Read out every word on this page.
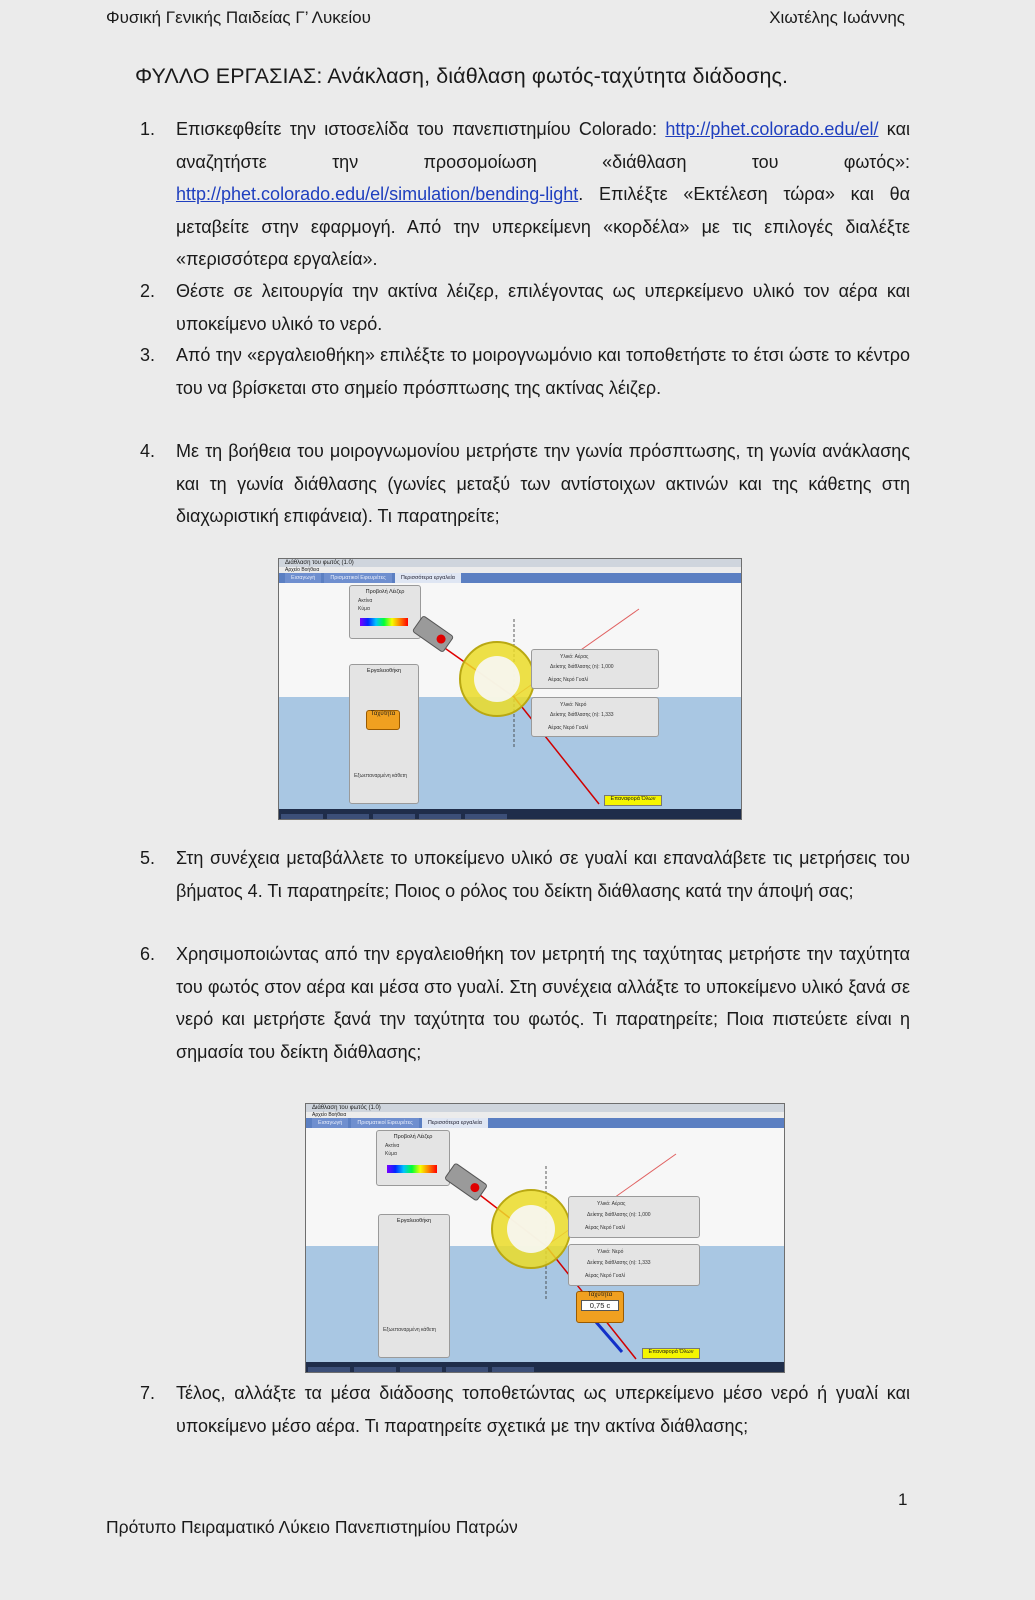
Φυσική Γενικής Παιδείας Γ’ Λυκείου	Χιωτέλης Ιωάννης
ΦΥΛΛΟ ΕΡΓΑΣΙΑΣ: Ανάκλαση, διάθλαση φωτός-ταχύτητα διάδοσης.
1.	Επισκεφθείτε την ιστοσελίδα του πανεπιστημίου Colorado: http://phet.colorado.edu/el/ και αναζητήστε την προσομοίωση «διάθλαση του φωτός»: http://phet.colorado.edu/el/simulation/bending-light. Επιλέξτε «Εκτέλεση τώρα» και θα μεταβείτε στην εφαρμογή. Από την υπερκείμενη «κορδέλα» με τις επιλογές διαλέξτε «περισσότερα εργαλεία».
2.	Θέστε σε λειτουργία την ακτίνα λέιζερ, επιλέγοντας ως υπερκείμενο υλικό τον αέρα και υποκείμενο υλικό το νερό.
3.	Από την «εργαλειοθήκη» επιλέξτε το μοιρογνωμόνιο και τοποθετήστε το έτσι ώστε το κέντρο του να βρίσκεται στο σημείο πρόσπτωσης της ακτίνας λέιζερ.
4.	Με τη βοήθεια του μοιρογνωμονίου μετρήστε την γωνία πρόσπτωσης, τη γωνία ανάκλασης και τη γωνία διάθλασης (γωνίες μεταξύ των αντίστοιχων ακτινών και της κάθετης στη διαχωριστική επιφάνεια). Τι παρατηρείτε;
Διάθλαση του φωτός (1.0)
Αρχείο Βοήθεια
Εισαγωγή	Πρισματικοί Εφευρέτες	Περισσότερα εργαλεία
Προβολή Λέιζερ
Ακτίνα
Κύμα
Εργαλειοθήκη
Ταχύτητα
Εξωεπαναρμένη κάθετη
Υλικό: Αέρας
Δείκτης διάθλασης (n): 1,000
Αέρας Νερό Γυαλί
Υλικό: Νερό
Δείκτης διάθλασης (n): 1,333
Αέρας Νερό Γυαλί
Επαναφορά Όλων
5.	Στη συνέχεια μεταβάλλετε το υποκείμενο υλικό σε γυαλί και επαναλάβετε τις μετρήσεις του βήματος 4. Τι παρατηρείτε; Ποιος ο ρόλος του δείκτη διάθλασης κατά την άποψή σας;
6.	Χρησιμοποιώντας από την εργαλειοθήκη τον μετρητή της ταχύτητας μετρήστε την ταχύτητα του φωτός στον αέρα και μέσα στο γυαλί. Στη συνέχεια αλλάξτε το υποκείμενο υλικό ξανά σε νερό και μετρήστε ξανά την ταχύτητα του φωτός. Τι παρατηρείτε; Ποια πιστεύετε είναι η σημασία του δείκτη διάθλασης;
Διάθλαση του φωτός (1.0)
Αρχείο Βοήθεια
Εισαγωγή	Πρισματικοί Εφευρέτες	Περισσότερα εργαλεία
Προβολή Λέιζερ
Ακτίνα
Κύμα
Εργαλειοθήκη
Εξωεπαναρμένη κάθετη
Υλικό: Αέρας
Δείκτης διάθλασης (n): 1,000
Αέρας Νερό Γυαλί
Υλικό: Νερό
Δείκτης διάθλασης (n): 1,333
Αέρας Νερό Γυαλί
Ταχύτητα
0,75 c
Επαναφορά Όλων
7.	Τέλος, αλλάξτε τα μέσα διάδοσης τοποθετώντας ως υπερκείμενο μέσο νερό ή γυαλί και υποκείμενο μέσο αέρα. Τι παρατηρείτε σχετικά με την ακτίνα διάθλασης;
1
Πρότυπο Πειραματικό Λύκειο Πανεπιστημίου Πατρών
